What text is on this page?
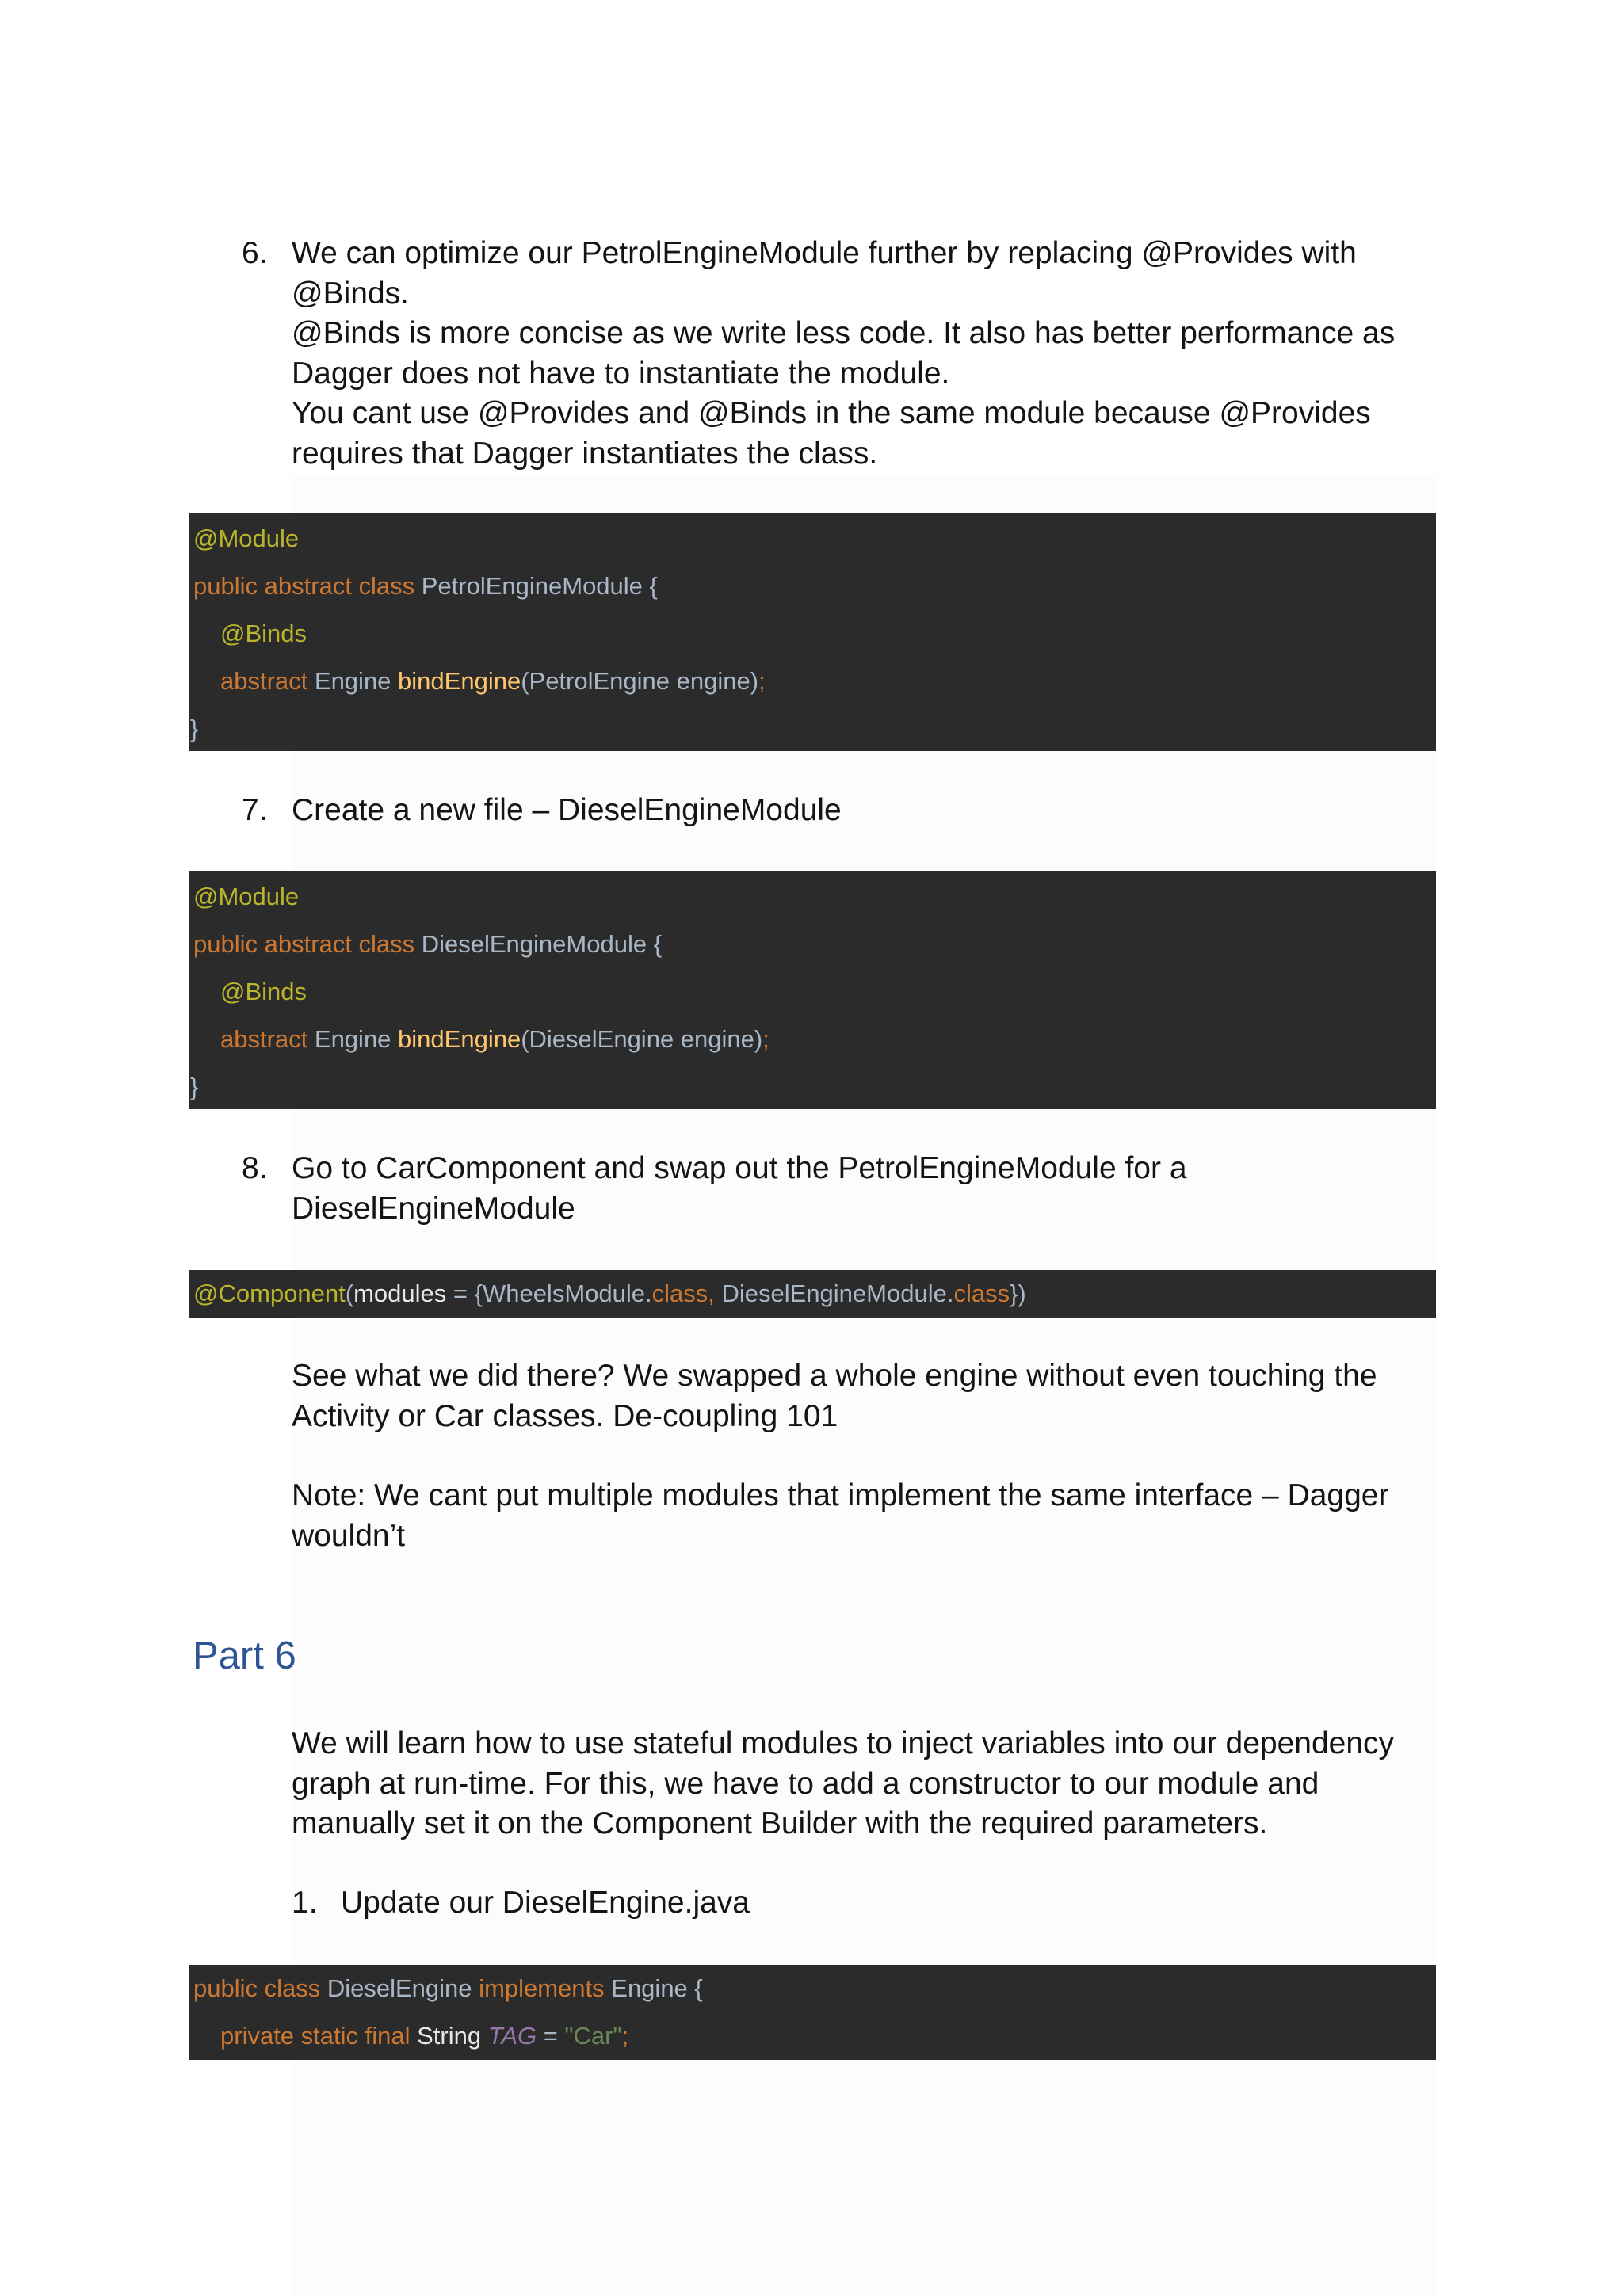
6. We can optimize our PetrolEngineModule further by replacing @Provides with
@Binds.
@Binds is more concise as we write less code. It also has better performance as
Dagger does not have to instantiate the module.
You cant use @Provides and @Binds in the same module because @Provides
requires that Dagger instantiates the class.
@Module
public abstract class PetrolEngineModule {
@Binds
abstract Engine bindEngine(PetrolEngine engine);
}
7. Create a new file – DieselEngineModule
@Module
public abstract class DieselEngineModule {
@Binds
abstract Engine bindEngine(DieselEngine engine);
}
8. Go to CarComponent and swap out the PetrolEngineModule for a
DieselEngineModule
@Component(modules = {WheelsModule.class, DieselEngineModule.class})
See what we did there? We swapped a whole engine without even touching the
Activity or Car classes. De-coupling 101
Note: We cant put multiple modules that implement the same interface – Dagger
wouldn’t
Part 6
We will learn how to use stateful modules to inject variables into our dependency
graph at run-time. For this, we have to add a constructor to our module and
manually set it on the Component Builder with the required parameters.
1. Update our DieselEngine.java
public class DieselEngine implements Engine {
private static final String TAG = "Car";
